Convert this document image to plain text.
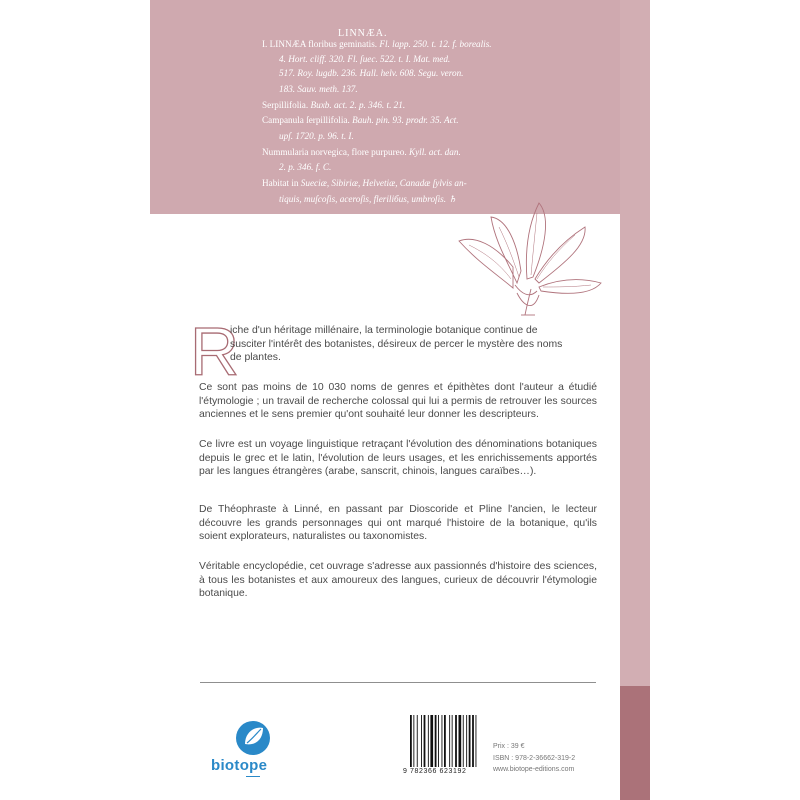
LINNÆA.
I. LINNÆA floribus geminatis. Fl. lapp. 250. t. 12. f. borealis.
4. Hort. cliff. 320. Fl. ſuec. 522. t. I. Mat. med.
517. Roy. lugdb. 236. Hall. helv. 608. Segu. veron.
183. Sauv. meth. 137.
Serpillifolia. Buxb. act. 2. p. 346. t. 21.
Campanula ſerpillifolia. Bauh. pin. 93. prodr. 35. Act.
upſ. 1720. p. 96. t. I.
Nummularia norvegica, flore purpureo. Kyll. act. dan.
2. p. 346. f. C.
Habitat in Sueciæ, Sibiriæ, Helvetiæ, Canadæ ſylvis an-
tiquis, muſcoſis, aceroſis, fleriliбus, umbroſis. ♄
R
iche d'un héritage millénaire, la terminologie botanique continue de
susciter l'intérêt des botanistes, désireux de percer le mystère des noms
de plantes.
Ce sont pas moins de 10 030 noms de genres et épithètes dont l'auteur a étudié l'étymologie ; un travail de recherche colossal qui lui a permis de retrouver les sources anciennes et le sens premier qu'ont souhaité leur donner les descripteurs.
Ce livre est un voyage linguistique retraçant l'évolution des dénominations botaniques depuis le grec et le latin, l'évolution de leurs usages, et les enrichissements apportés par les langues étrangères (arabe, sanscrit, chinois, langues caraïbes…).
De Théophraste à Linné, en passant par Dioscoride et Pline l'ancien, le lecteur découvre les grands personnages qui ont marqué l'histoire de la botanique, qu'ils soient explorateurs, naturalistes ou taxonomistes.
Véritable encyclopédie, cet ouvrage s'adresse aux passionnés d'histoire des sciences, à tous les botanistes et aux amoureux des langues, curieux de découvrir l'étymologie botanique.
biotope	9 782366 623192
Prix : 39 €
ISBN : 978-2-36662-319-2
www.biotope-editions.com
